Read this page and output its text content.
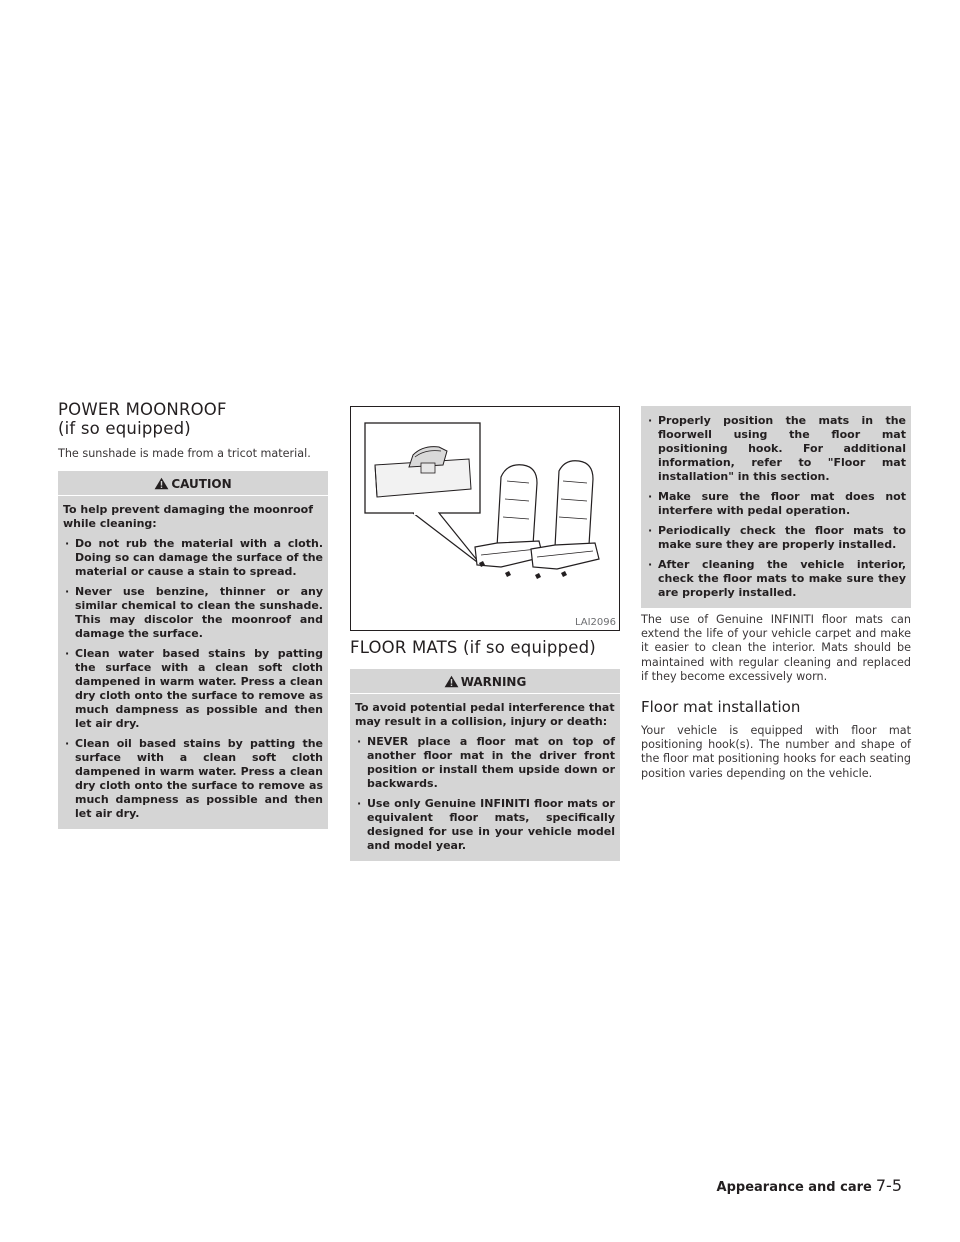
POWER MOONROOF
(if so equipped)

The sunshade is made from a tricot material.

CAUTION

To help prevent damaging the moonroof while cleaning:

· Do not rub the material with a cloth. Doing so can damage the surface of the material or cause a stain to spread.
· Never use benzine, thinner or any similar chemical to clean the sunshade. This may discolor the moonroof and damage the surface.
· Clean water based stains by patting the surface with a clean soft cloth dampened in warm water. Press a clean dry cloth onto the surface to remove as much dampness as possible and then let air dry.
· Clean oil based stains by patting the surface with a clean soft cloth dampened in warm water. Press a clean dry cloth onto the surface to remove as much dampness as possible and then let air dry.
LAI2096
FLOOR MATS (if so equipped)
WARNING

To avoid potential pedal interference that may result in a collision, injury or death:

· NEVER place a floor mat on top of another floor mat in the driver front position or install them upside down or backwards.
· Use only Genuine INFINITI floor mats or equivalent floor mats, specifically designed for use in your vehicle model and model year.
· Properly position the mats in the floorwell using the floor mat positioning hook. For additional information, refer to "Floor mat installation" in this section.
· Make sure the floor mat does not interfere with pedal operation.
· Periodically check the floor mats to make sure they are properly installed.
· After cleaning the vehicle interior, check the floor mats to make sure they are properly installed.

The use of Genuine INFINITI floor mats can extend the life of your vehicle carpet and make it easier to clean the interior. Mats should be maintained with regular cleaning and replaced if they become excessively worn.

Floor mat installation

Your vehicle is equipped with floor mat positioning hook(s). The number and shape of the floor mat positioning hooks for each seating position varies depending on the vehicle.

Appearance and care 7-5
